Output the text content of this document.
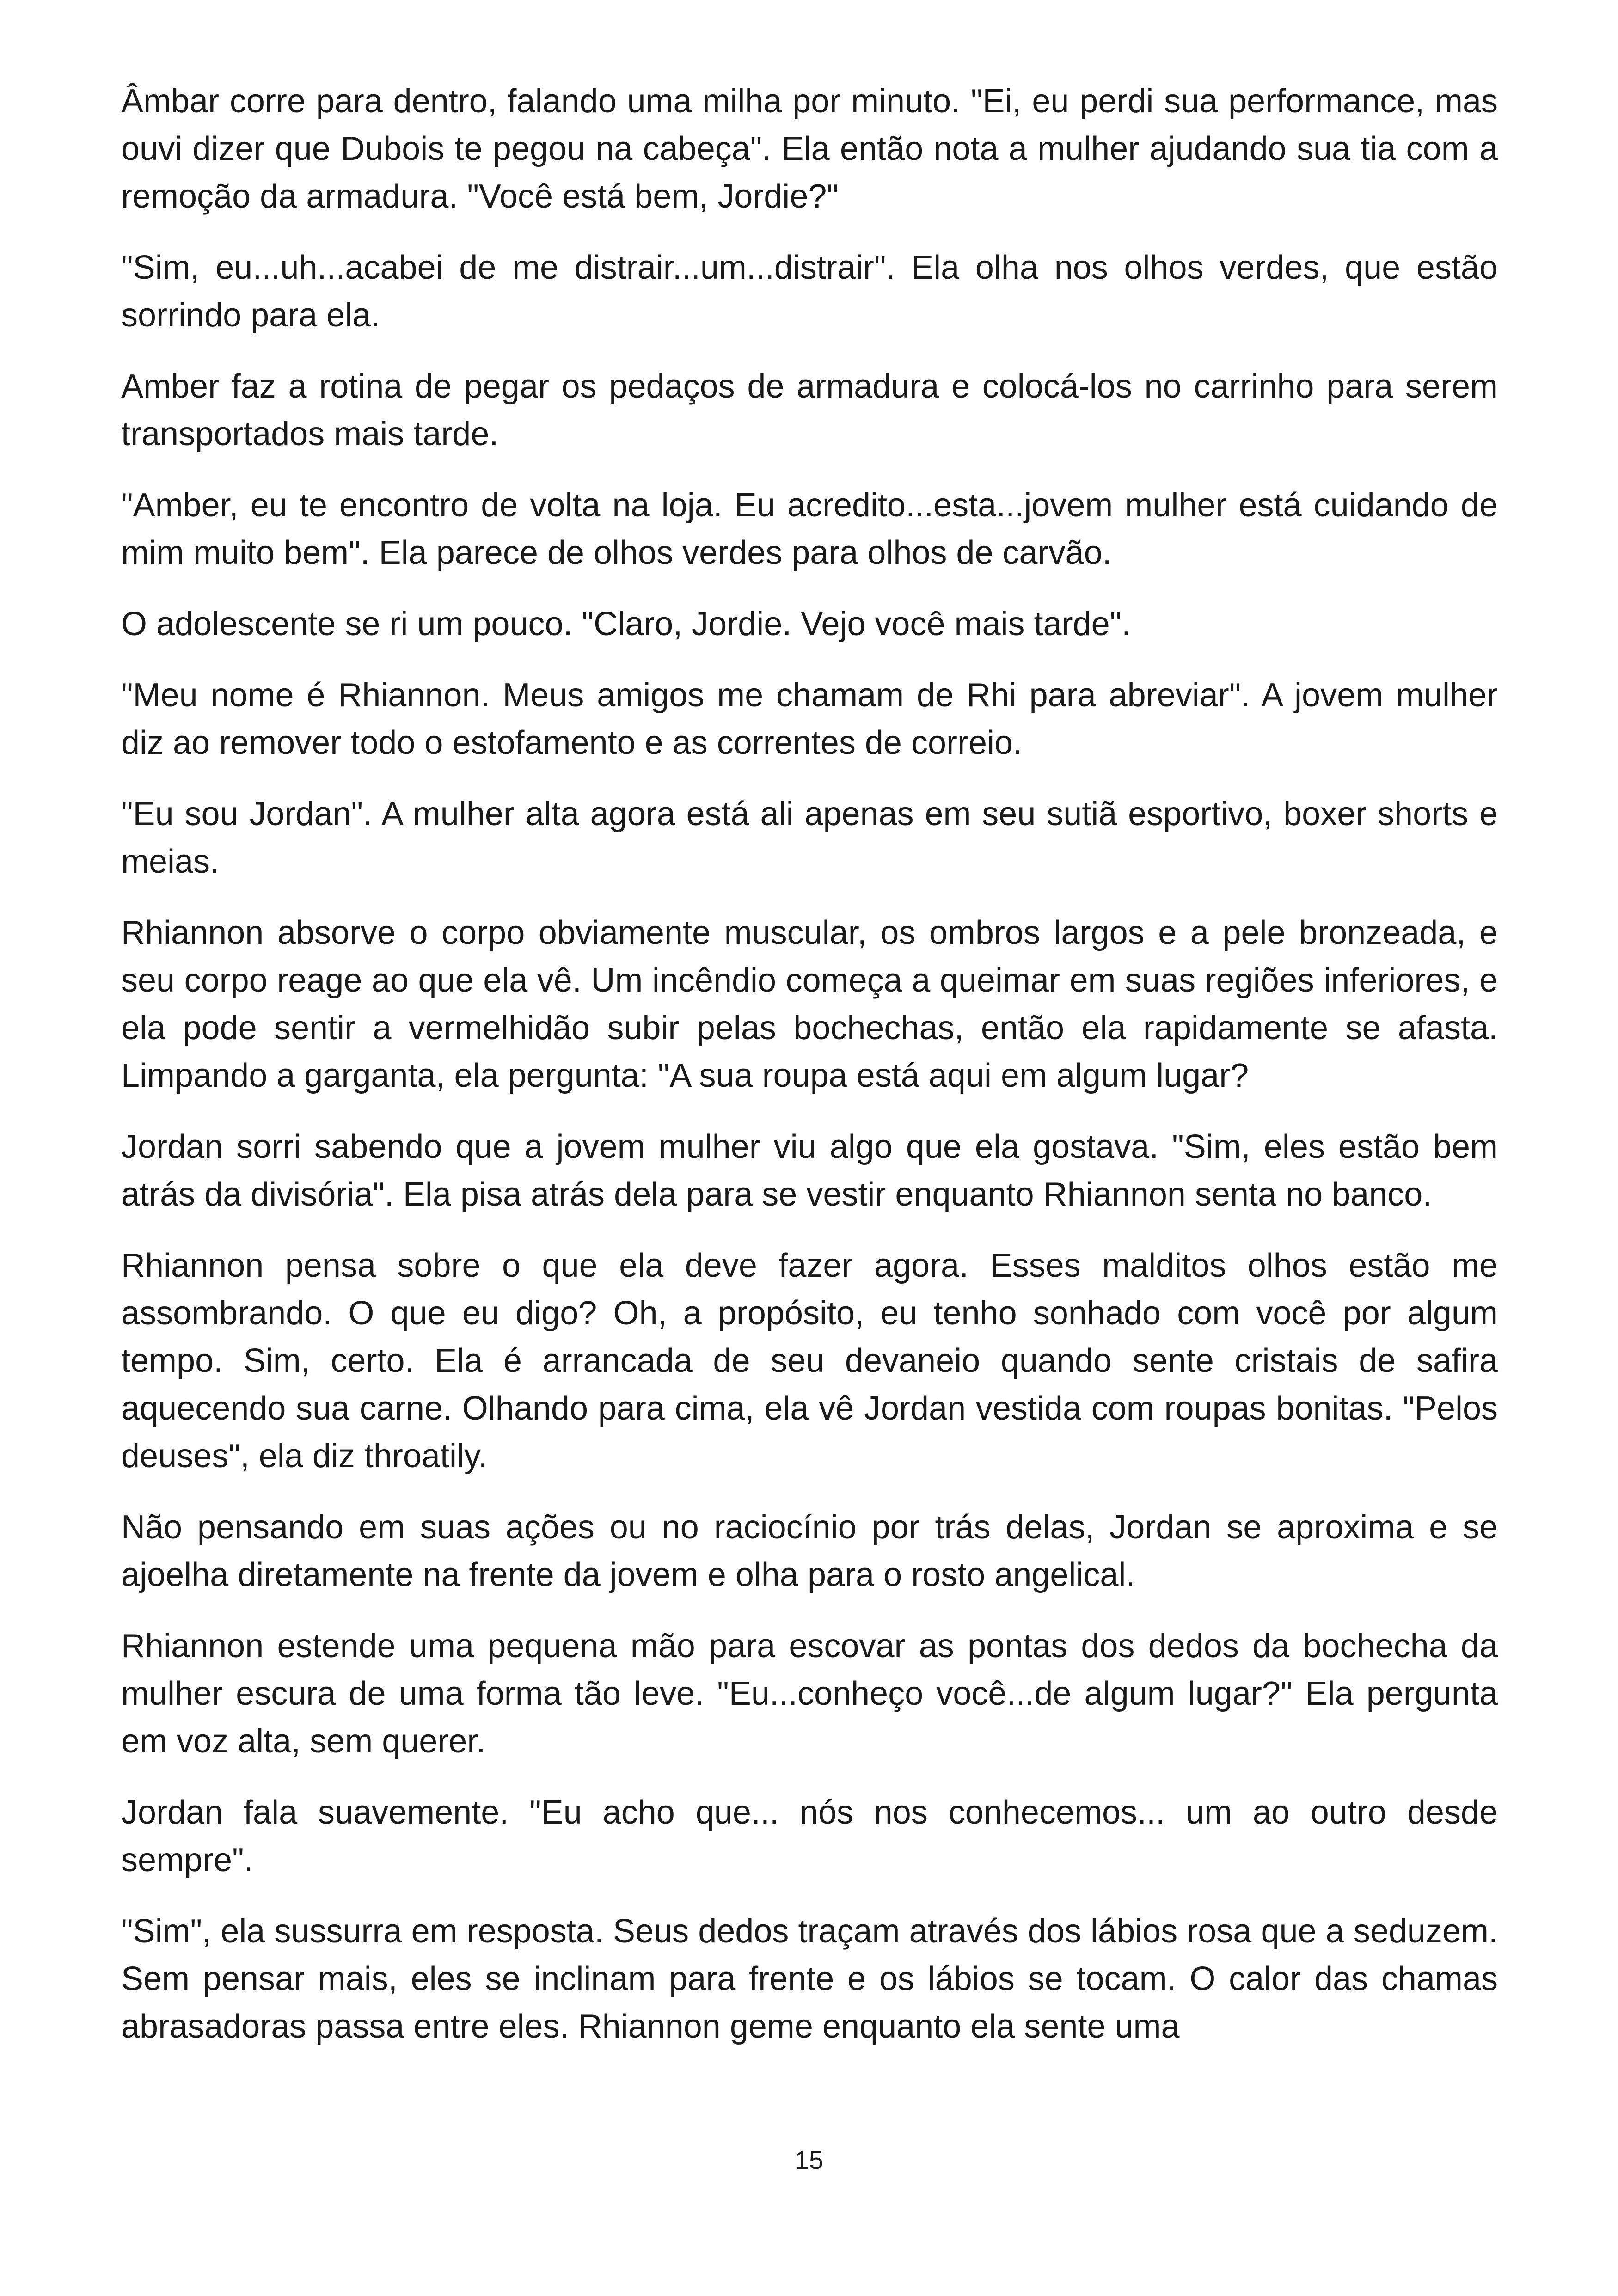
Âmbar corre para dentro, falando uma milha por minuto. "Ei, eu perdi sua performance, mas ouvi dizer que Dubois te pegou na cabeça". Ela então nota a mulher ajudando sua tia com a remoção da armadura. "Você está bem, Jordie?"

"Sim, eu...uh...acabei de me distrair...um...distrair". Ela olha nos olhos verdes, que estão sorrindo para ela.

Amber faz a rotina de pegar os pedaços de armadura e colocá-los no carrinho para serem transportados mais tarde.

"Amber, eu te encontro de volta na loja. Eu acredito...esta...jovem mulher está cuidando de mim muito bem". Ela parece de olhos verdes para olhos de carvão.

O adolescente se ri um pouco. "Claro, Jordie. Vejo você mais tarde".

"Meu nome é Rhiannon. Meus amigos me chamam de Rhi para abreviar". A jovem mulher diz ao remover todo o estofamento e as correntes de correio.

"Eu sou Jordan". A mulher alta agora está ali apenas em seu sutiã esportivo, boxer shorts e meias.

Rhiannon absorve o corpo obviamente muscular, os ombros largos e a pele bronzeada, e seu corpo reage ao que ela vê. Um incêndio começa a queimar em suas regiões inferiores, e ela pode sentir a vermelhidão subir pelas bochechas, então ela rapidamente se afasta. Limpando a garganta, ela pergunta: "A sua roupa está aqui em algum lugar?

Jordan sorri sabendo que a jovem mulher viu algo que ela gostava. "Sim, eles estão bem atrás da divisória". Ela pisa atrás dela para se vestir enquanto Rhiannon senta no banco.

Rhiannon pensa sobre o que ela deve fazer agora. Esses malditos olhos estão me assombrando. O que eu digo? Oh, a propósito, eu tenho sonhado com você por algum tempo. Sim, certo. Ela é arrancada de seu devaneio quando sente cristais de safira aquecendo sua carne. Olhando para cima, ela vê Jordan vestida com roupas bonitas. "Pelos deuses", ela diz throatily.

Não pensando em suas ações ou no raciocínio por trás delas, Jordan se aproxima e se ajoelha diretamente na frente da jovem e olha para o rosto angelical.

Rhiannon estende uma pequena mão para escovar as pontas dos dedos da bochecha da mulher escura de uma forma tão leve. "Eu...conheço você...de algum lugar?" Ela pergunta em voz alta, sem querer.

Jordan fala suavemente. "Eu acho que... nós nos conhecemos... um ao outro desde sempre".

"Sim", ela sussurra em resposta. Seus dedos traçam através dos lábios rosa que a seduzem. Sem pensar mais, eles se inclinam para frente e os lábios se tocam. O calor das chamas abrasadoras passa entre eles. Rhiannon geme enquanto ela sente uma

15
